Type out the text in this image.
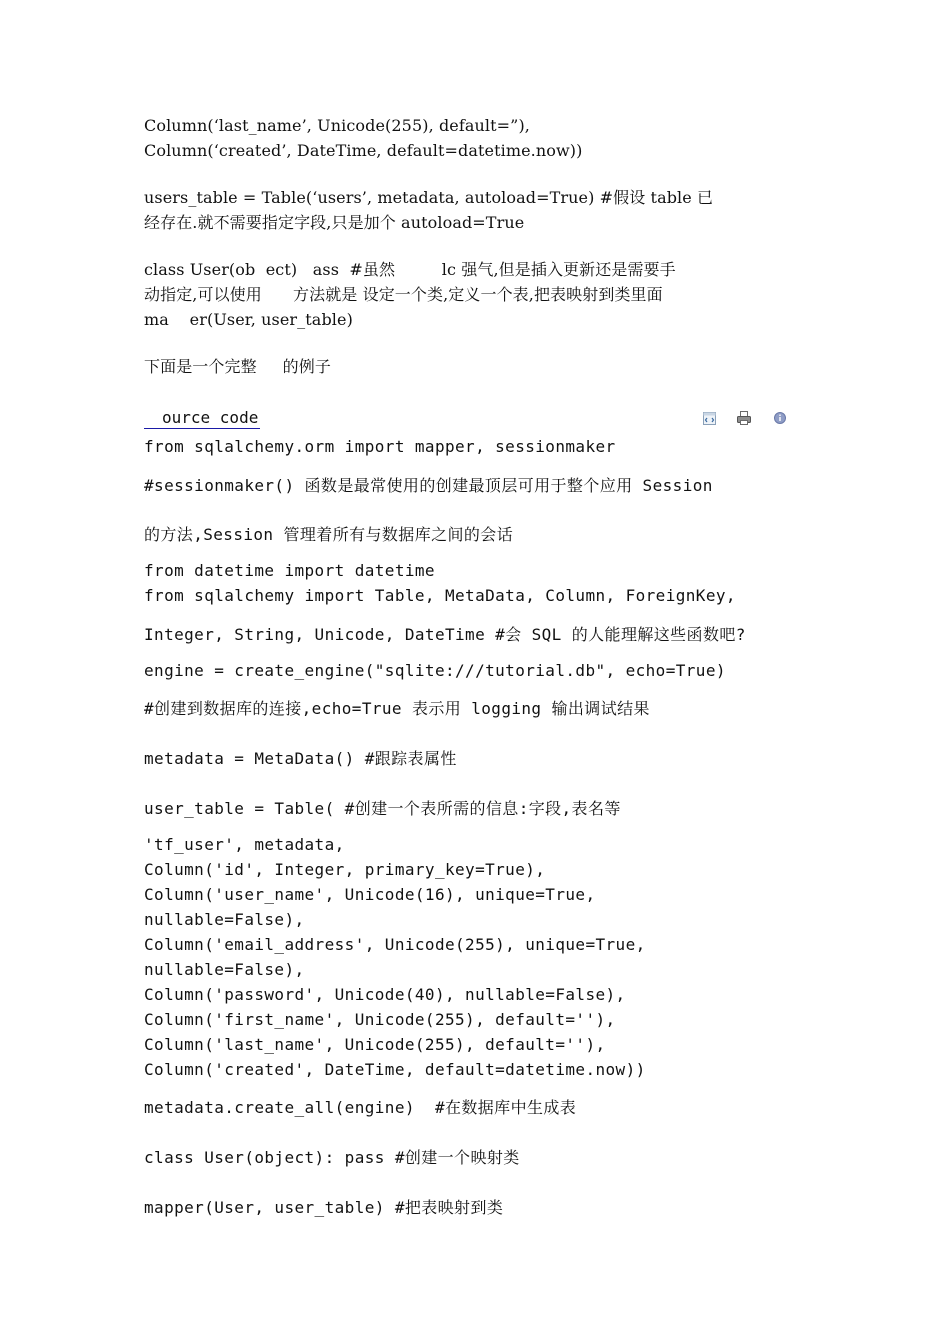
Column(‘last_name’, Unicode(255), default=”),
Column(‘created’, DateTime, default=datetime.now))
users_table = Table(‘users’, metadata, autoload=True) #假设 table 已
经存在.就不需要指定字段,只是加个 autoload=True
class User(ob  ect)   ass  #虽然         lc 强气,但是插入更新还是需要手
动指定,可以使用      方法就是 设定一个类,定义一个表,把表映射到类里面
ma    er(User, user_table)
下面是一个完整     的例子
ource code
from sqlalchemy.orm import mapper, sessionmaker
#sessionmaker() 函数是最常使用的创建最顶层可用于整个应用 Session
的方法,Session 管理着所有与数据库之间的会话
from datetime import datetime
from sqlalchemy import Table, MetaData, Column, ForeignKey,
Integer, String, Unicode, DateTime #会 SQL 的人能理解这些函数吧?
engine = create_engine("sqlite:///tutorial.db", echo=True)
#创建到数据库的连接,echo=True 表示用 logging 输出调试结果
metadata = MetaData() #跟踪表属性
user_table = Table( #创建一个表所需的信息:字段,表名等
'tf_user', metadata,
Column('id', Integer, primary_key=True),
Column('user_name', Unicode(16), unique=True,
nullable=False),
Column('email_address', Unicode(255), unique=True,
nullable=False),
Column('password', Unicode(40), nullable=False),
Column('first_name', Unicode(255), default=''),
Column('last_name', Unicode(255), default=''),
Column('created', DateTime, default=datetime.now))
metadata.create_all(engine)  #在数据库中生成表
class User(object): pass #创建一个映射类
mapper(User, user_table) #把表映射到类
